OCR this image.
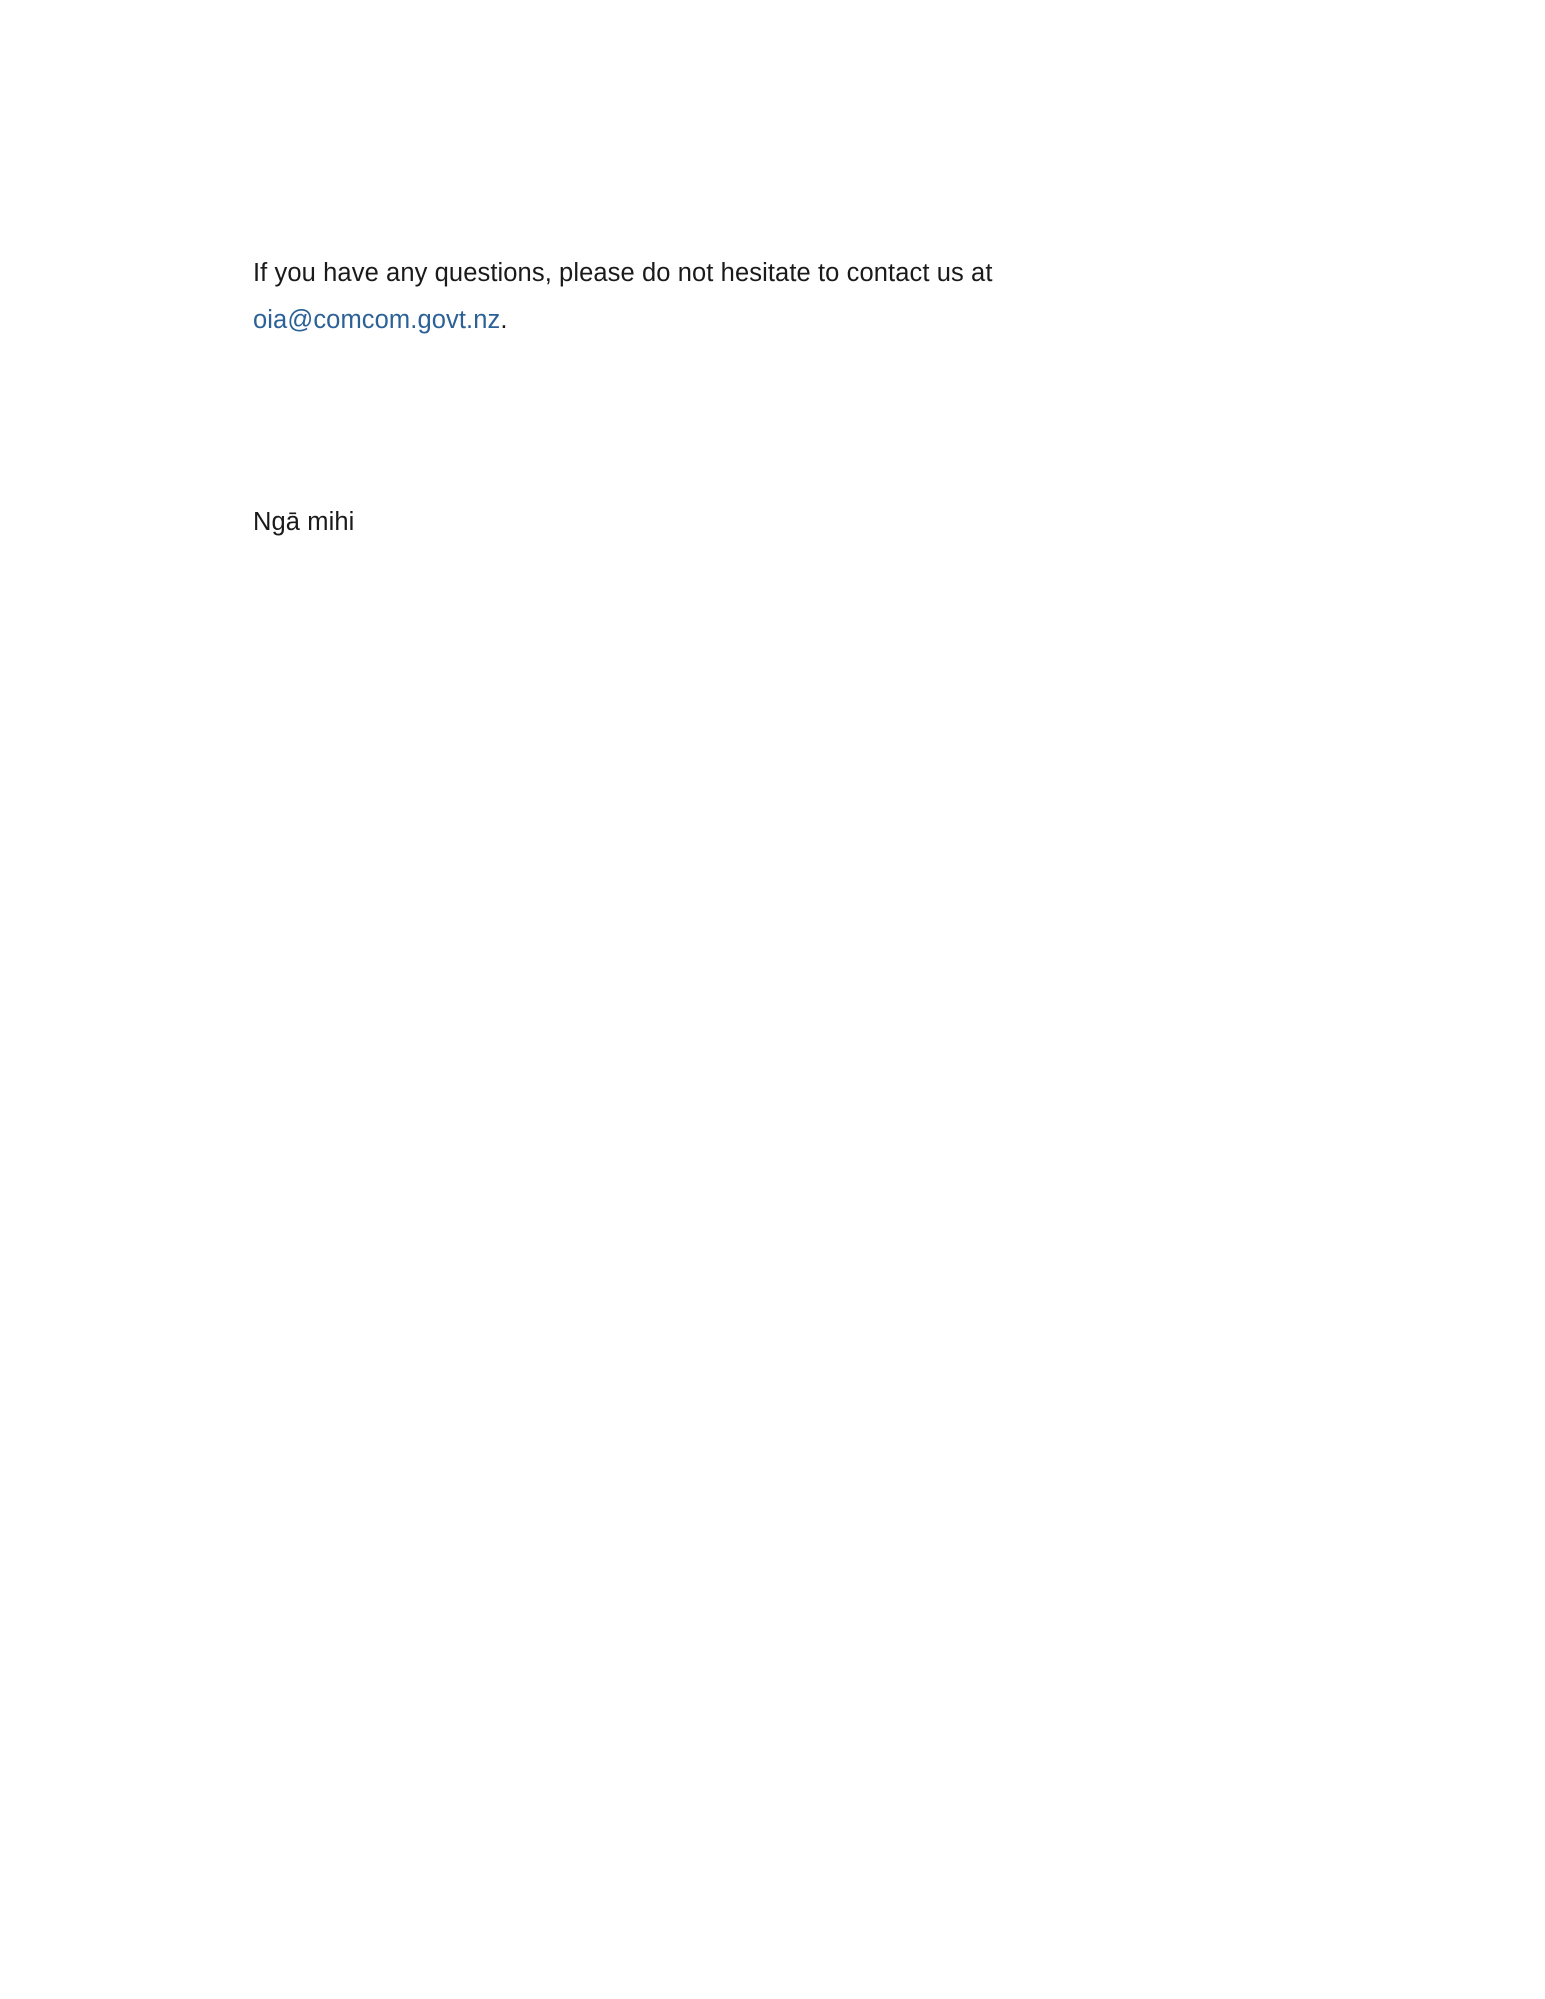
If you have any questions, please do not hesitate to contact us at
oia@comcom.govt.nz.

Ngā mihi
